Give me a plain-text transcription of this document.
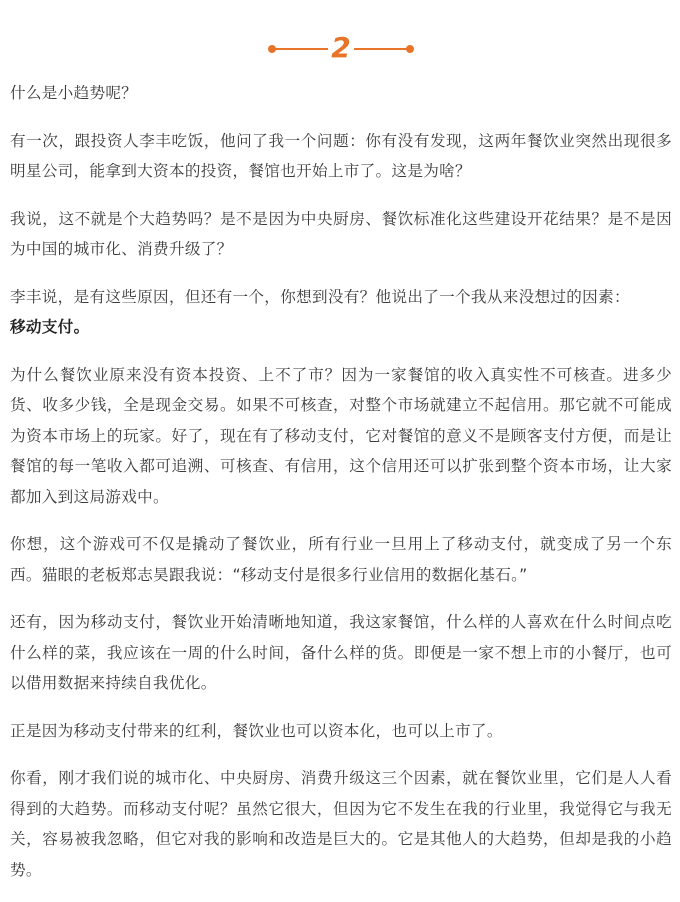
2

什么是小趋势呢？

有一次，跟投资人李丰吃饭，他问了我一个问题：你有没有发现，这两年餐饮业突然出现很多明星公司，能拿到大资本的投资，餐馆也开始上市了。这是为啥？

我说，这不就是个大趋势吗？是不是因为中央厨房、餐饮标准化这些建设开花结果？是不是因为中国的城市化、消费升级了？

李丰说，是有这些原因，但还有一个，你想到没有？他说出了一个我从来没想过的因素：
移动支付。

为什么餐饮业原来没有资本投资、上不了市？因为一家餐馆的收入真实性不可核查。进多少货、收多少钱，全是现金交易。如果不可核查，对整个市场就建立不起信用。那它就不可能成为资本市场上的玩家。好了，现在有了移动支付，它对餐馆的意义不是顾客支付方便，而是让餐馆的每一笔收入都可追溯、可核查、有信用，这个信用还可以扩张到整个资本市场，让大家都加入到这局游戏中。

你想，这个游戏可不仅是撬动了餐饮业，所有行业一旦用上了移动支付，就变成了另一个东西。猫眼的老板郑志昊跟我说：“移动支付是很多行业信用的数据化基石。”

还有，因为移动支付，餐饮业开始清晰地知道，我这家餐馆，什么样的人喜欢在什么时间点吃什么样的菜，我应该在一周的什么时间，备什么样的货。即便是一家不想上市的小餐厅，也可以借用数据来持续自我优化。

正是因为移动支付带来的红利，餐饮业也可以资本化，也可以上市了。

你看，刚才我们说的城市化、中央厨房、消费升级这三个因素，就在餐饮业里，它们是人人看得到的大趋势。而移动支付呢？虽然它很大，但因为它不发生在我的行业里，我觉得它与我无关，容易被我忽略，但它对我的影响和改造是巨大的。它是其他人的大趋势，但却是我的小趋势。
